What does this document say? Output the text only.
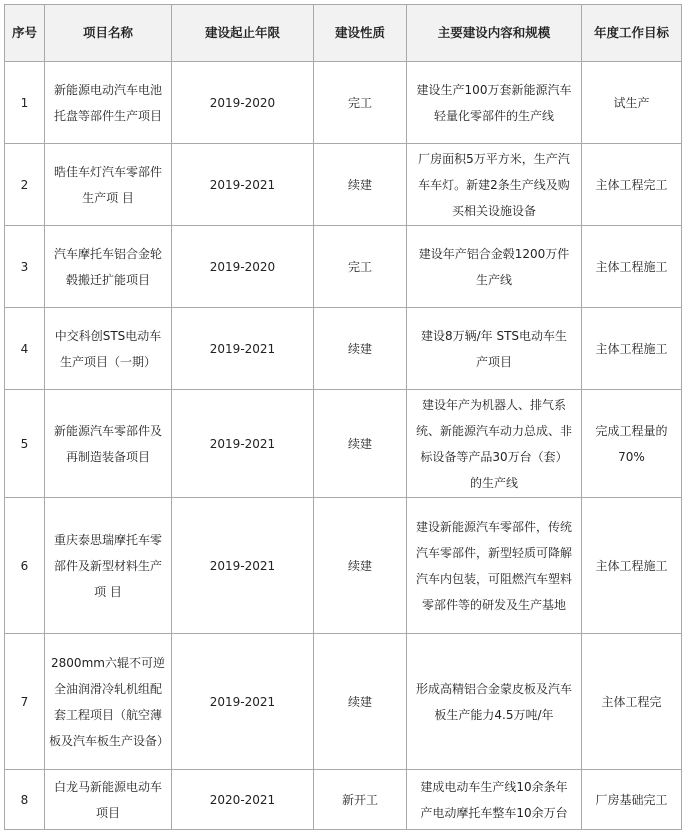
序号	项目名称	建设起止年限	建设性质	主要建设内容和规模	年度工作目标
1	新能源电动汽车电池托盘等部件生产项目	2019-2020	完工	建设生产100万套新能源汽车轻量化零部件的生产线	试生产
2	晧佳车灯汽车零部件生产项 目	2019-2021	续建	厂房面积5万平方米，生产汽车车灯。新建2条生产线及购买相关设施设备	主体工程完工
3	汽车摩托车铝合金轮毂搬迁扩能项目	2019-2020	完工	建设年产铝合金毂1200万件生产线	主体工程施工
4	中交科创STS电动车生产项目（一期）	2019-2021	续建	建设8万辆/年 STS电动车生产项目	主体工程施工
5	新能源汽车零部件及再制造装备项目	2019-2021	续建	建设年产为机器人、排气系统、新能源汽车动力总成、非标设备等产品30万台（套）的生产线	完成工程量的70%
6	重庆泰思瑞摩托车零部件及新型材料生产项 目	2019-2021	续建	建设新能源汽车零部件，传统汽车零部件，新型轻质可降解汽车内包装，可阻燃汽车塑料零部件等的研发及生产基地	主体工程施工
7	2800mm六辊不可逆全油润滑冷轧机组配套工程项目（航空薄板及汽车板生产设备）	2019-2021	续建	形成高精铝合金蒙皮板及汽车板生产能力4.5万吨/年	主体工程完
8	白龙马新能源电动车项目	2020-2021	新开工	建成电动车生产线10余条年产电动摩托车整车10余万台	厂房基础完工
